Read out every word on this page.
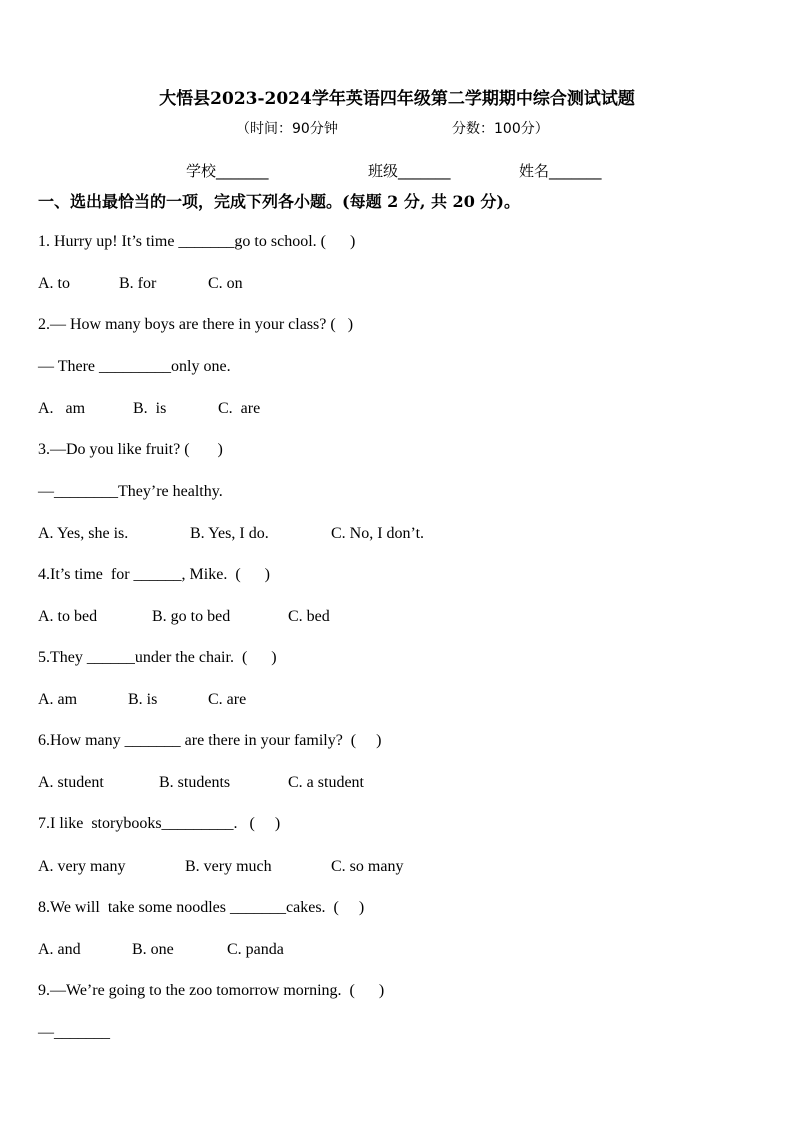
大悟县2023-2024学年英语四年级第二学期期中综合测试试题
（时间：90分钟	分数：100分）
学校_______	班级_______	姓名_______
一、选出最恰当的一项，完成下列各小题。(每题 2 分, 共 20 分)。
1. Hurry up! It’s time _______go to school. (      )
A. to	B. for	C. on
2.— How many boys are there in your class? (   )
— There _________only one.
A.   am	B.  is	C.  are
3.—Do you like fruit? (       )
—________They’re healthy.
A. Yes, she is.	B. Yes, I do.	C. No, I don’t.
4.It’s time  for ______, Mike.  (      )
A. to bed	B. go to bed	C. bed
5.They ______under the chair.  (      )
A. am	B. is	C. are
6.How many _______ are there in your family?  (     )
A. student	B. students	C. a student
7.I like  storybooks_________.   (     )
A. very many	B. very much	C. so many
8.We will  take some noodles _______cakes.  (     )
A. and	B. one	C. panda
9.—We’re going to the zoo tomorrow morning.  (      )
—_______
